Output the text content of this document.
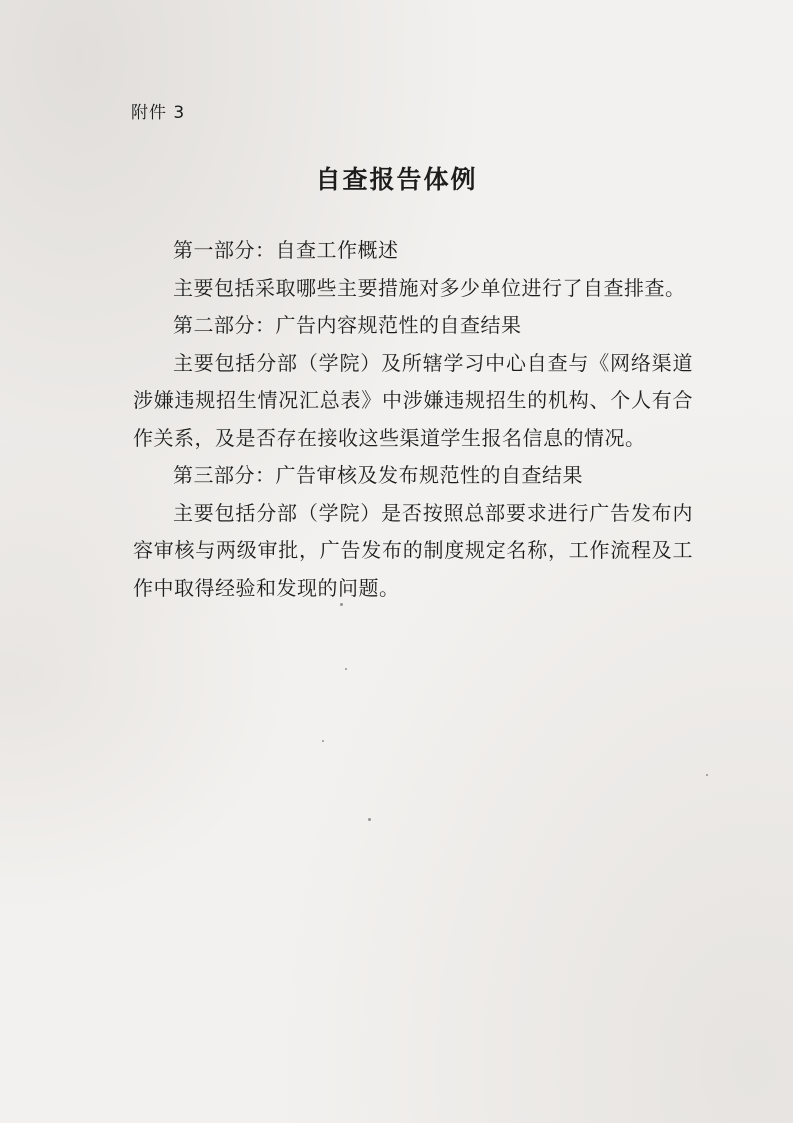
附件 3
自查报告体例

第一部分：自查工作概述

主要包括采取哪些主要措施对多少单位进行了自查排查。

第二部分：广告内容规范性的自查结果

主要包括分部（学院）及所辖学习中心自查与《网络渠道涉嫌违规招生情况汇总表》中涉嫌违规招生的机构、个人有合作关系，及是否存在接收这些渠道学生报名信息的情况。

第三部分：广告审核及发布规范性的自查结果

主要包括分部（学院）是否按照总部要求进行广告发布内容审核与两级审批，广告发布的制度规定名称，工作流程及工作中取得经验和发现的问题。
